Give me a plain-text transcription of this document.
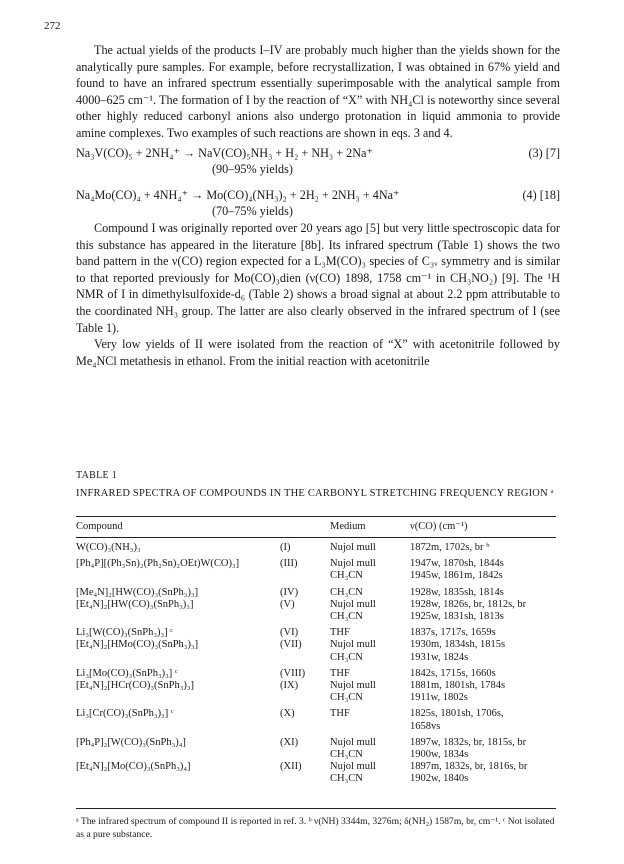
272

The actual yields of the products I–IV are probably much higher than the yields shown for the analytically pure samples. For example, before recrystallization, I was obtained in 67% yield and found to have an infrared spectrum essentially superimposable with the analytical sample from 4000–625 cm⁻¹. The formation of I by the reaction of “X” with NH₄Cl is noteworthy since several other highly reduced carbonyl anions also undergo protonation in liquid ammonia to provide amine complexes. Two examples of such reactions are shown in eqs. 3 and 4.

Na₃V(CO)₅ + 2NH₄⁺ → NaV(CO)₅NH₃ + H₂ + NH₃ + 2Na⁺	(3) [7]
(90–95% yields)
Na₄Mo(CO)₄ + 4NH₄⁺ → Mo(CO)₄(NH₃)₂ + 2H₂ + 2NH₃ + 4Na⁺	(4) [18]
(70–75% yields)

Compound I was originally reported over 20 years ago [5] but very little spectroscopic data for this substance has appeared in the literature [8b]. Its infrared spectrum (Table 1) shows the two band pattern in the ν(CO) region expected for a L₃M(CO)₃ species of C₃ᵥ symmetry and is similar to that reported previously for Mo(CO)₃dien (ν(CO) 1898, 1758 cm⁻¹ in CH₃NO₂) [9]. The ¹H NMR of I in dimethylsulfoxide-d₆ (Table 2) shows a broad signal at about 2.2 ppm attributable to the coordinated NH₃ group. The latter are also clearly observed in the infrared spectrum of I (see Table 1).

Very low yields of II were isolated from the reaction of “X” with acetonitrile followed by Me₄NCl metathesis in ethanol. From the initial reaction with acetonitrile

TABLE 1
INFRARED SPECTRA OF COMPOUNDS IN THE CARBONYL STRETCHING FREQUENCY REGION ᵃ
Compound	Medium	ν(CO) (cm⁻¹)
W(CO)₃(NH₃)₃	(I)	Nujol mull	1872m, 1702s, br ᵇ
[Ph₄P][(Ph₃Sn)₂(Ph₂Sn)₂OEt)W(CO)₃]	(III)	Nujol mull	1947w, 1870sh, 1844s
CH₃CN	1945w, 1861m, 1842s
[Me₄N]₂[HW(CO)₃(SnPh₃)₃]	(IV)	CH₃CN	1928w, 1835sh, 1814s
[Et₄N]₂[HW(CO)₃(SnPh₃)₃]	(V)	Nujol mull	1928w, 1826s, br, 1812s, br
CH₃CN	1925w, 1831sh, 1813s
Li₃[W(CO)₃(SnPh₃)₃] ᶜ	(VI)	THF	1837s, 1717s, 1659s
[Et₄N]₂[HMo(CO)₃(SnPh₃)₃]	(VII)	Nujol mull	1930m, 1834sh, 1815s
CH₃CN	1931w, 1824s
Li₃[Mo(CO)₃(SnPh₃)₃] ᶜ	(VIII) THF	1842s, 1715s, 1660s
[Et₄N]₂[HCr(CO)₃(SnPh₃)₃]	(IX)	Nujol mull	1881m, 1801sh, 1784s
CH₃CN	1911w, 1802s
Li₃[Cr(CO)₃(SnPh₃)₃] ᶜ	(X)	THF	1825s, 1801sh, 1706s,
1658vs
[Ph₄P]₂[W(CO)₃(SnPh₃)₄]	(XI)	Nujol mull	1897w, 1832s, br, 1815s, br
CH₃CN	1900w, 1834s
[Et₄N]₂[Mo(CO)₃(SnPh₃)₄]	(XII)	Nujol mull	1897m, 1832s, br, 1816s, br
CH₃CN	1902w, 1840s
ᵃ The infrared spectrum of compound II is reported in ref. 3. ᵇ ν(NH) 3344m, 3276m; δ(NH₂) 1587m, br, cm⁻¹. ᶜ Not isolated as a pure substance.
